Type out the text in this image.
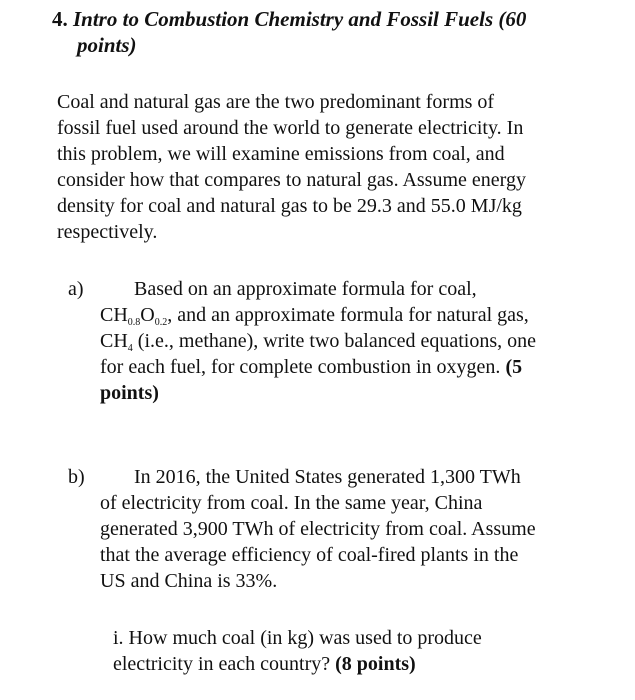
4. Intro to Combustion Chemistry and Fossil Fuels (60
points)
Coal and natural gas are the two predominant forms of
fossil fuel used around the world to generate electricity. In
this problem, we will examine emissions from coal, and
consider how that compares to natural gas. Assume energy
density for coal and natural gas to be 29.3 and 55.0 MJ/kg
respectively.
a)	Based on an approximate formula for coal,
$CH_{0.8}O_{0.2}$, and an approximate formula for natural gas,
$CH_4$ (i.e., methane), write two balanced equations, one
for each fuel, for complete combustion in oxygen. (5
points)
b)	In 2016, the United States generated 1,300 TWh
of electricity from coal. In the same year, China
generated 3,900 TWh of electricity from coal. Assume
that the average efficiency of coal-fired plants in the
US and China is 33%.
i. How much coal (in kg) was used to produce
electricity in each country? (8 points)
